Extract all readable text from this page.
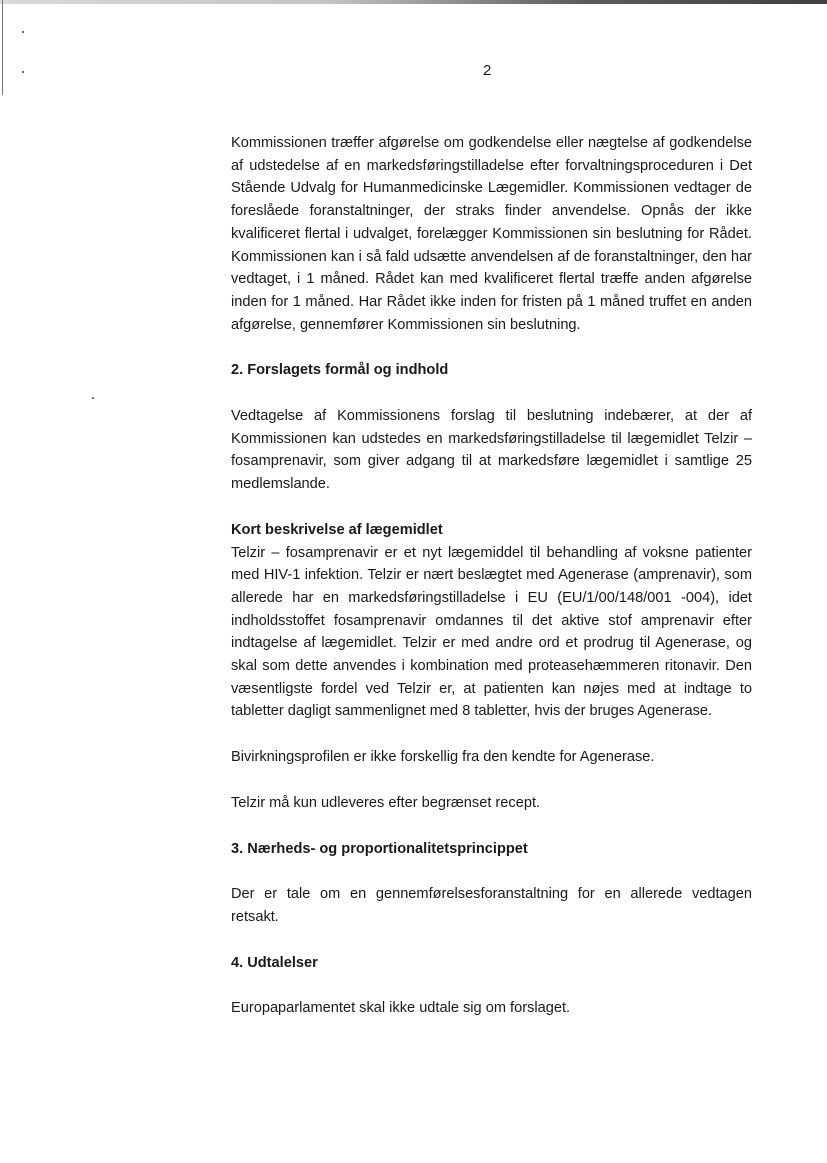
2

Kommissionen træffer afgørelse om godkendelse eller nægtelse af godkendelse af udstedelse af en markedsføringstilladelse efter forvaltningsproceduren i Det Stående Udvalg for Humanmedicinske Lægemidler. Kommissionen vedtager de foreslåede foranstaltninger, der straks finder anvendelse. Opnås der ikke kvalificeret flertal i udvalget, forelægger Kommissionen sin beslutning for Rådet. Kommissionen kan i så fald udsætte anvendelsen af de foranstaltninger, den har vedtaget, i 1 måned. Rådet kan med kvalificeret flertal træffe anden afgørelse inden for 1 måned. Har Rådet ikke inden for fristen på 1 måned truffet en anden afgørelse, gennemfører Kommissionen sin beslutning.

2. Forslagets formål og indhold

Vedtagelse af Kommissionens forslag til beslutning indebærer, at der af Kommissionen kan udstedes en markedsføringstilladelse til lægemidlet Telzir – fosamprenavir, som giver adgang til at markedsføre lægemidlet i samtlige 25 medlemslande.

Kort beskrivelse af lægemidlet

Telzir – fosamprenavir er et nyt lægemiddel til behandling af voksne patienter med HIV-1 infektion. Telzir er nært beslægtet med Agenerase (amprenavir), som allerede har en markedsføringstilladelse i EU (EU/1/00/148/001 -004), idet indholdsstoffet fosamprenavir omdannes til det aktive stof amprenavir efter indtagelse af lægemidlet. Telzir er med andre ord et prodrug til Agenerase, og skal som dette anvendes i kombination med proteasehæmmeren ritonavir. Den væsentligste fordel ved Telzir er, at patienten kan nøjes med at indtage to tabletter dagligt sammenlignet med 8 tabletter, hvis der bruges Agenerase.

Bivirkningsprofilen er ikke forskellig fra den kendte for Agenerase.

Telzir må kun udleveres efter begrænset recept.

3. Nærheds- og proportionalitetsprincippet

Der er tale om en gennemførelsesforanstaltning for en allerede vedtagen retsakt.

4. Udtalelser

Europaparlamentet skal ikke udtale sig om forslaget.
